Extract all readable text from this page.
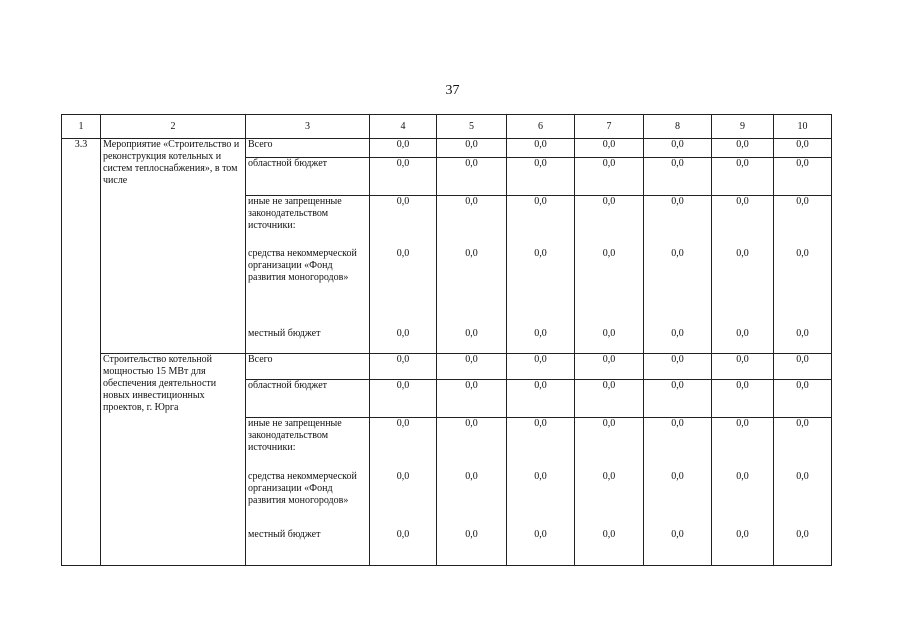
37
1	2	3	4	5	6	7	8	9	10
3.3	Мероприятие «Строительство и реконструкция котельных и систем теплоснабжения», в том числе	Всего	0,0	0,0	0,0	0,0	0,0	0,0	0,0
		областной бюджет	0,0	0,0	0,0	0,0	0,0	0,0	0,0
		иные не запрещенные законодательством источники:	0,0	0,0	0,0	0,0	0,0	0,0	0,0
		средства некоммерческой организации «Фонд развития моногородов»	0,0	0,0	0,0	0,0	0,0	0,0	0,0
		местный бюджет	0,0	0,0	0,0	0,0	0,0	0,0	0,0
	Строительство котельной мощностью 15 МВт для обеспечения деятельности новых инвестиционных проектов, г. Юрга	Всего	0,0	0,0	0,0	0,0	0,0	0,0	0,0
		областной бюджет	0,0	0,0	0,0	0,0	0,0	0,0	0,0
		иные не запрещенные законодательством источники:	0,0	0,0	0,0	0,0	0,0	0,0	0,0
		средства некоммерческой организации «Фонд развития моногородов»	0,0	0,0	0,0	0,0	0,0	0,0	0,0
		местный бюджет	0,0	0,0	0,0	0,0	0,0	0,0	0,0
